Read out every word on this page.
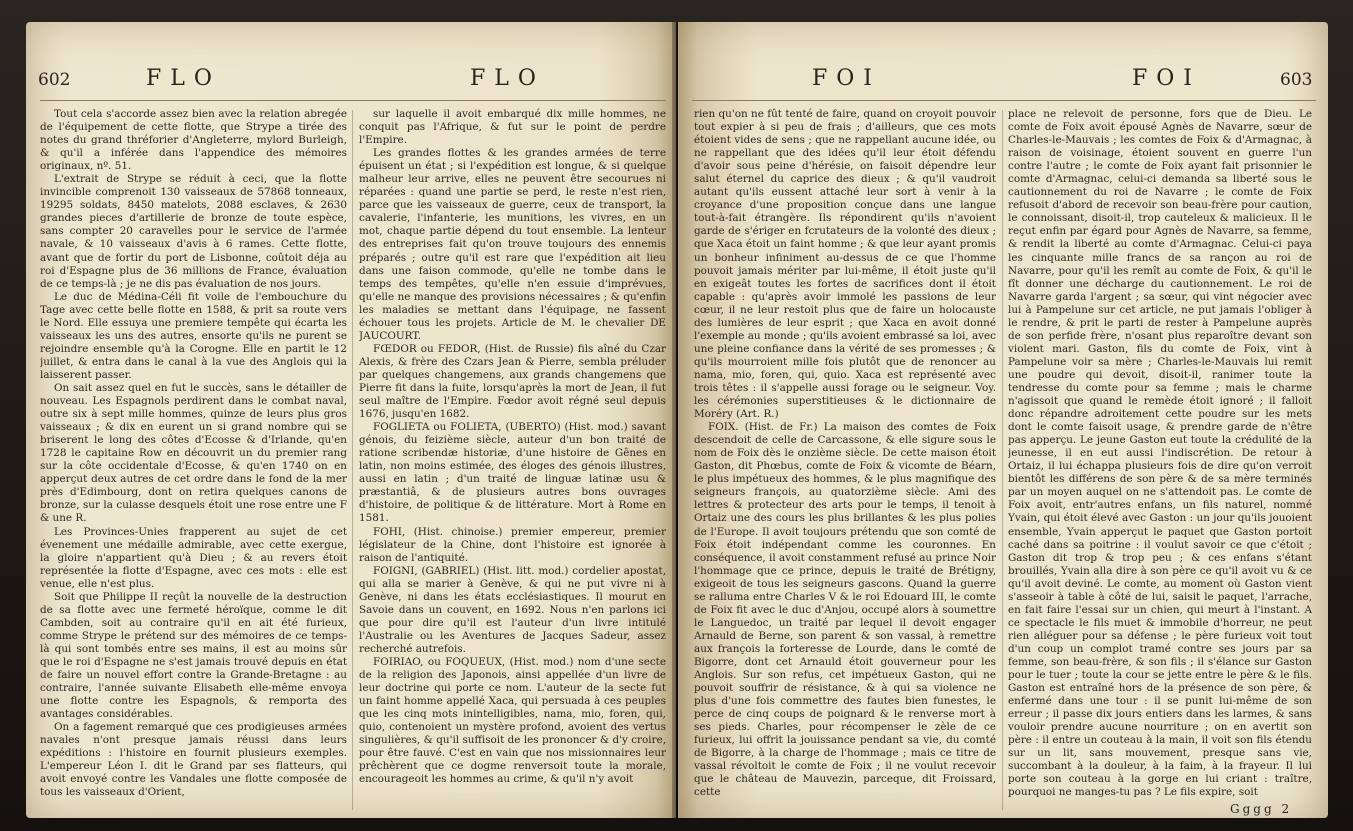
602	FLO	FLO

Tout cela s'accorde assez bien avec la relation abregée de l'équipement de cette flotte, que Strype a tirée des notes du grand thréforier d'Angleterre, mylord Burleigh, & qu'il a inférée dans l'appendice des mémoires originaux, nº. 51.

L'extrait de Strype se réduit à ceci, que la flotte invincible comprenoit 130 vaisseaux de 57868 tonneaux, 19295 soldats, 8450 matelots, 2088 esclaves, & 2630 grandes pieces d'artillerie de bronze de toute espèce, sans compter 20 caravelles pour le service de l'armée navale, & 10 vaisseaux d'avis à 6 rames. Cette flotte, avant que de fortir du port de Lisbonne, coûtoit déja au roi d'Espagne plus de 36 millions de France, évaluation de ce temps-là ; je ne dis pas évaluation de nos jours.

Le duc de Médina-Céli fit voile de l'embouchure du Tage avec cette belle flotte en 1588, & prit sa route vers le Nord. Elle essuya une premiere tempête qui écarta les vaisseaux les uns des autres, ensorte qu'ils ne purent se rejoindre ensemble qu'à la Corogne. Elle en partit le 12 juillet, & entra dans le canal à la vue des Anglois qui la laisserent passer.

On sait assez quel en fut le succès, sans le détailler de nouveau. Les Espagnols perdirent dans le combat naval, outre six à sept mille hommes, quinze de leurs plus gros vaisseaux ; & dix en eurent un si grand nombre qui se briserent le long des côtes d'Ecosse & d'Irlande, qu'en 1728 le capitaine Row en découvrit un du premier rang sur la côte occidentale d'Ecosse, & qu'en 1740 on en apperçut deux autres de cet ordre dans le fond de la mer près d'Edimbourg, dont on retira quelques canons de bronze, sur la culasse desquels étoit une rose entre une F & une R.

Les Provinces-Unies frapperent au sujet de cet évenement une médaille admirable, avec cette exergue, la gloire n'appartient qu'à Dieu ; & au revers étoit représentée la flotte d'Espagne, avec ces mots : elle est venue, elle n'est plus.

Soit que Philippe II reçût la nouvelle de la destruction de sa flotte avec une fermeté héroïque, comme le dit Cambden, soit au contraire qu'il en ait été furieux, comme Strype le prétend sur des mémoires de ce temps-là qui sont tombés entre ses mains, il est au moins sûr que le roi d'Espagne ne s'est jamais trouvé depuis en état de faire un nouvel effort contre la Grande-Bretagne : au contraire, l'année suivante Elisabeth elle-même envoya une flotte contre les Espagnols, & remporta des avantages considérables.

On a fagement remarqué que ces prodigieuses armées navales n'ont presque jamais réussi dans leurs expéditions : l'histoire en fournit plusieurs exemples. L'empereur Léon I. dit le Grand par ses flatteurs, qui avoit envoyé contre les Vandales une flotte composée de tous les vaisseaux d'Orient,

sur laquelle il avoit embarqué dix mille hommes, ne conquit pas l'Afrique, & fut sur le point de perdre l'Empire.

Les grandes flottes & les grandes armées de terre épuisent un état ; si l'expédition est longue, & si quelque malheur leur arrive, elles ne peuvent être secourues ni réparées : quand une partie se perd, le reste n'est rien, parce que les vaisseaux de guerre, ceux de transport, la cavalerie, l'infanterie, les munitions, les vivres, en un mot, chaque partie dépend du tout ensemble. La lenteur des entreprises fait qu'on trouve toujours des ennemis préparés ; outre qu'il est rare que l'expédition ait lieu dans une faison commode, qu'elle ne tombe dans le temps des tempêtes, qu'elle n'en essuie d'imprévues, qu'elle ne manque des provisions nécessaires ; & qu'enfin les maladies se mettant dans l'équipage, ne fassent échouer tous les projets. Article de M. le chevalier DE JAUCOURT.

FŒDOR ou FEDOR, (Hist. de Russie) fils aîné du Czar Alexis, & frère des Czars Jean & Pierre, sembla préluder par quelques changemens, aux grands changemens que Pierre fit dans la fuite, lorsqu'après la mort de Jean, il fut seul maître de l'Empire. Fœdor avoit régné seul depuis 1676, jusqu'en 1682.

FOGLIETA ou FOLIETA, (UBERTO) (Hist. mod.) savant génois, du feizième siècle, auteur d'un bon traité de ratione scribendæ historiæ, d'une histoire de Gênes en latin, non moins estimée, des éloges des génois illustres, aussi en latin ; d'un traité de linguæ latinæ usu & præstantiâ, & de plusieurs autres bons ouvrages d'histoire, de politique & de littérature. Mort à Rome en 1581.

FOHI, (Hist. chinoise.) premier empereur, premier législateur de la Chine, dont l'histoire est ignorée à raison de l'antiquité.

FOIGNI, (GABRIEL) (Hist. litt. mod.) cordelier apostat, qui alla se marier à Genève, & qui ne put vivre ni à Genève, ni dans les états ecclésiastiques. Il mourut en Savoie dans un couvent, en 1692. Nous n'en parlons ici que pour dire qu'il est l'auteur d'un livre intitulé l'Australie ou les Aventures de Jacques Sadeur, assez recherché autrefois.

FOIRIAO, ou FOQUEUX, (Hist. mod.) nom d'une secte de la religion des Japonois, ainsi appellée d'un livre de leur doctrine qui porte ce nom. L'auteur de la secte fut un faint homme appellé Xaca, qui persuada à ces peuples que les cinq mots inintelligibles, nama, mio, foren, qui, quio, contenoient un mystère profond, avoient des vertus singulières, & qu'il suffisoit de les prononcer & d'y croire, pour être fauvé. C'est en vain que nos missionnaires leur prêchèrent que ce dogme renversoit toute la morale, encourageoit les hommes au crime, & qu'il n'y avoit

FOI	FOI	603

rien qu'on ne fût tenté de faire, quand on croyoit pouvoir tout expier à si peu de frais ; d'ailleurs, que ces mots étoient vides de sens ; que ne rappellant aucune idée, ou ne rappellant que des idées qu'il leur étoit défendu d'avoir sous peine d'hérésie, on faisoit dépendre leur salut éternel du caprice des dieux ; & qu'il vaudroit autant qu'ils eussent attaché leur sort à venir à la croyance d'une proposition conçue dans une langue tout-à-fait étrangère. Ils répondirent qu'ils n'avoient garde de s'ériger en fcrutateurs de la volonté des dieux ; que Xaca étoit un faint homme ; & que leur ayant promis un bonheur infiniment au-dessus de ce que l'homme pouvoit jamais mériter par lui-même, il étoit juste qu'il en exigeât toutes les fortes de sacrifices dont il étoit capable : qu'après avoir immolé les passions de leur cœur, il ne leur restoit plus que de faire un holocauste des lumières de leur esprit ; que Xaca en avoit donné l'exemple au monde ; qu'ils avoient embrassé sa loi, avec une pleine confiance dans la vérité de ses promesses ; & qu'ils mourroient mille fois plutôt que de renoncer au nama, mio, foren, qui, quio. Xaca est représenté avec trois têtes : il s'appelle aussi forage ou le seigneur. Voy. les cérémonies superstitieuses & le dictionnaire de Moréry (Art. R.)

FOIX. (Hist. de Fr.) La maison des comtes de Foix descendoit de celle de Carcassone, & elle sigure sous le nom de Foix dès le onzième siècle. De cette maison étoit Gaston, dit Phœbus, comte de Foix & vicomte de Béarn, le plus impétueux des hommes, & le plus magnifique des seigneurs françois, au quatorzième siècle. Ami des lettres & protecteur des arts pour le temps, il tenoit à Ortaiz une des cours les plus brillantes & les plus polies de l'Europe. Il avoit toujours prétendu que son comté de Foix étoit indépendant comme les couronnes. En conséquence, il avoit constamment refusé au prince Noir l'hommage que ce prince, depuis le traité de Brétigny, exigeoit de tous les seigneurs gascons. Quand la guerre se ralluma entre Charles V & le roi Edouard III, le comte de Foix fit avec le duc d'Anjou, occupé alors à soumettre le Languedoc, un traité par lequel il devoit engager Arnauld de Berne, son parent & son vassal, à remettre aux françois la forteresse de Lourde, dans le comté de Bigorre, dont cet Arnauld étoit gouverneur pour les Anglois. Sur son refus, cet impétueux Gaston, qui ne pouvoit souffrir de résistance, & à qui sa violence ne plus d'une fois commettre des fautes bien funestes, le perce de cinq coups de poignard & le renverse mort à ses pieds. Charles, pour récompenser le zèle de ce furieux, lui offrit la jouissance pendant sa vie, du comté de Bigorre, à la charge de l'hommage ; mais ce titre de vassal révoltoit le comte de Foix ; il ne voulut recevoir que le château de Mauvezin, parceque, dit Froissard, cette

place ne relevoit de personne, fors que de Dieu. Le comte de Foix avoit épousé Agnès de Navarre, sœur de Charles-le-Mauvais ; les comtes de Foix & d'Armagnac, à raison de voisinage, étoient souvent en guerre l'un contre l'autre ; le comte de Foix ayant fait prisonnier le comte d'Armagnac, celui-ci demanda sa liberté sous le cautionnement du roi de Navarre ; le comte de Foix refusoit d'abord de recevoir son beau-frère pour caution, le connoissant, disoit-il, trop cauteleux & malicieux. Il le reçut enfin par égard pour Agnès de Navarre, sa femme, & rendit la liberté au comte d'Armagnac. Celui-ci paya les cinquante mille francs de sa rançon au roi de Navarre, pour qu'il les remît au comte de Foix, & qu'il le fît donner une décharge du cautionnement. Le roi de Navarre garda l'argent ; sa sœur, qui vint négocier avec lui à Pampelune sur cet article, ne put jamais l'obliger à le rendre, & prit le parti de rester à Pampelune auprès de son perfide frère, n'osant plus reparoître devant son violent mari. Gaston, fils du comte de Foix, vint à Pampelune voir sa mère ; Charles-le-Mauvais lui remit une poudre qui devoit, disoit-il, ranimer toute la tendresse du comte pour sa femme ; mais le charme n'agissoit que quand le remède étoit ignoré ; il falloit donc répandre adroitement cette poudre sur les mets dont le comte faisoit usage, & prendre garde de n'être pas apperçu. Le jeune Gaston eut toute la crédulité de la jeunesse, il en eut aussi l'indiscrétion. De retour à Ortaiz, il lui échappa plusieurs fois de dire qu'on verroit bientôt les différens de son père & de sa mère terminés par un moyen auquel on ne s'attendoit pas. Le comte de Foix avoit, entr'autres enfans, un fils naturel, nommé Yvain, qui étoit élevé avec Gaston : un jour qu'ils jouoient ensemble, Yvain apperçut le paquet que Gaston portoit caché dans sa poitrine : il voulut savoir ce que c'étoit ; Gaston dit trop & trop peu ; & ces enfans s'étant brouillés, Yvain alla dire à son père ce qu'il avoit vu & ce qu'il avoit deviné. Le comte, au moment où Gaston vient s'asseoir à table à côté de lui, saisit le paquet, l'arrache, en fait faire l'essai sur un chien, qui meurt à l'instant. A ce spectacle le fils muet & immobile d'horreur, ne peut rien alléguer pour sa défense ; le père furieux voit tout d'un coup un complot tramé contre ses jours par sa femme, son beau-frère, & son fils ; il s'élance sur Gaston pour le tuer ; toute la cour se jette entre le père & le fils. Gaston est entraîné hors de la présence de son père, & enfermé dans une tour : il se punit lui-même de son erreur ; il passe dix jours entiers dans les larmes, & sans vouloir prendre aucune nourriture ; on en avertit son père : il entre un couteau à la main, il voit son fils étendu sur un lit, sans mouvement, presque sans vie, succombant à la douleur, à la faim, à la frayeur. Il lui porte son couteau à la gorge en lui criant : traître, pourquoi ne manges-tu pas ? Le fils expire, soit

Gggg 2
